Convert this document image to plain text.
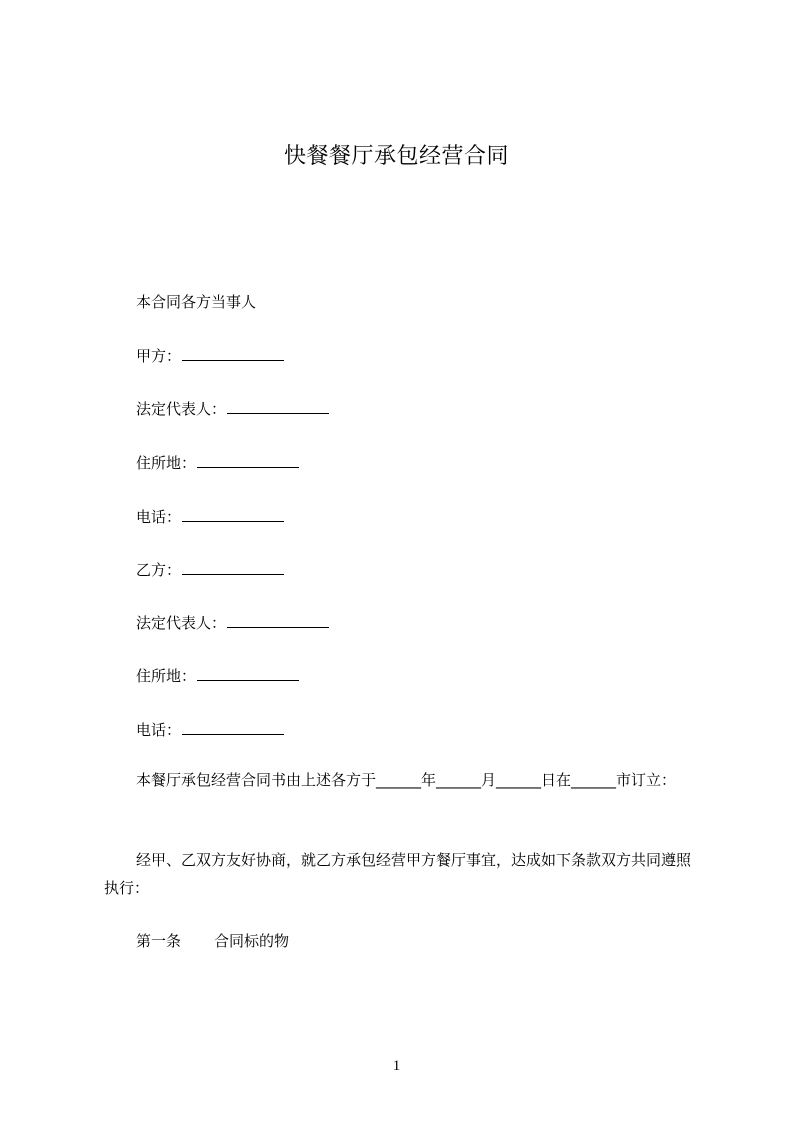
快餐餐厅承包经营合同
本合同各方当事人
甲方：
法定代表人：
住所地：
电话：
乙方：
法定代表人：
住所地：
电话：
本餐厅承包经营合同书由上述各方于______年______月______日在______市订立：
经甲、乙双方友好协商，就乙方承包经营甲方餐厅事宜，达成如下条款双方共同遵照执行：
第一条 合同标的物
1
